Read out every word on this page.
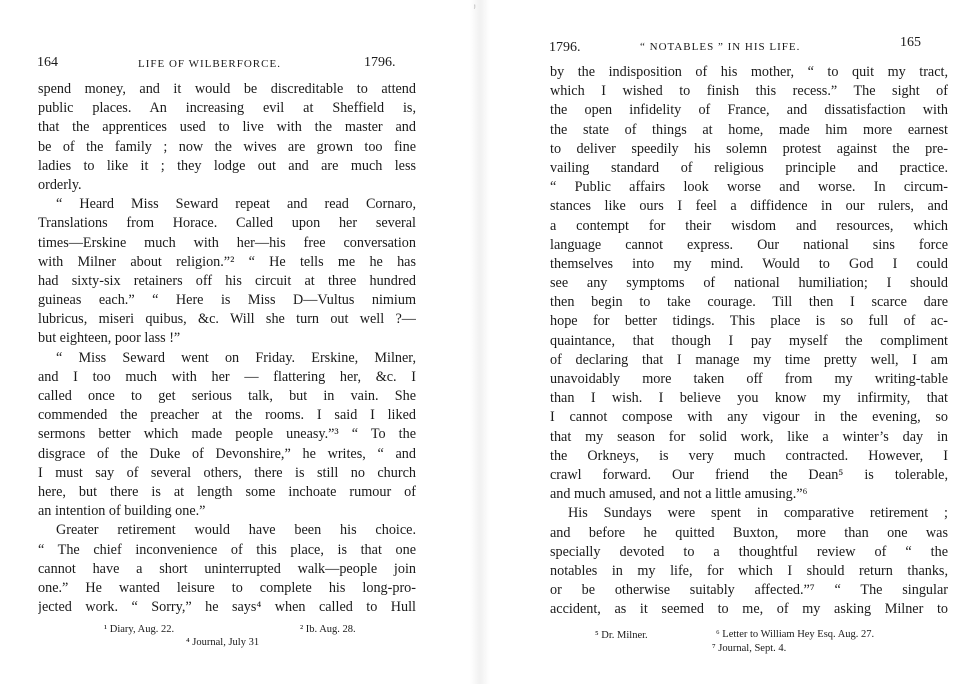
ʲ
164	LIFE OF WILBERFORCE.	1796.
spend money, and it would be discreditable to attend
public places. An increasing evil at Sheffield is,
that the apprentices used to live with the master and
be of the family ; now the wives are grown too fine
ladies to like it ; they lodge out and are much less
orderly.
“ Heard Miss Seward repeat and read Cornaro,
Translations from Horace. Called upon her several
times—Erskine much with her—his free conversation
with Milner about religion.”² “ He tells me he has
had sixty-six retainers off his circuit at three hundred
guineas each.” “ Here is Miss D—Vultus nimium
lubricus, miseri quibus, &c. Will she turn out well ?—
but eighteen, poor lass !”
“ Miss Seward went on Friday. Erskine, Milner,
and I too much with her — flattering her, &c. I
called once to get serious talk, but in vain. She
commended the preacher at the rooms. I said I liked
sermons better which made people uneasy.”³ “ To the
disgrace of the Duke of Devonshire,” he writes, “ and
I must say of several others, there is still no church
here, but there is at length some inchoate rumour of
an intention of building one.”
Greater retirement would have been his choice.
“ The chief inconvenience of this place, is that one
cannot have a short uninterrupted walk—people join
one.” He wanted leisure to complete his long-pro-
jected work. “ Sorry,” he says⁴ when called to Hull
¹ Diary, Aug. 22.	² Ib. Aug. 28.
⁴ Journal, July 31
1796.	“ NOTABLES ” IN HIS LIFE.	165
by the indisposition of his mother, “ to quit my tract,
which I wished to finish this recess.” The sight of
the open infidelity of France, and dissatisfaction with
the state of things at home, made him more earnest
to deliver speedily his solemn protest against the pre-
vailing standard of religious principle and practice.
“ Public affairs look worse and worse. In circum-
stances like ours I feel a diffidence in our rulers, and
a contempt for their wisdom and resources, which
language cannot express. Our national sins force
themselves into my mind. Would to God I could
see any symptoms of national humiliation; I should
then begin to take courage. Till then I scarce dare
hope for better tidings. This place is so full of ac-
quaintance, that though I pay myself the compliment
of declaring that I manage my time pretty well, I am
unavoidably more taken off from my writing-table
than I wish. I believe you know my infirmity, that
I cannot compose with any vigour in the evening, so
that my season for solid work, like a winter’s day in
the Orkneys, is very much contracted. However, I
crawl forward. Our friend the Dean⁵ is tolerable,
and much amused, and not a little amusing.”⁶
His Sundays were spent in comparative retirement ;
and before he quitted Buxton, more than one was
specially devoted to a thoughtful review of “ the
notables in my life, for which I should return thanks,
or be otherwise suitably affected.”⁷ “ The singular
accident, as it seemed to me, of my asking Milner to
⁵ Dr. Milner.	⁶ Letter to William Hey Esq. Aug. 27.
⁷ Journal, Sept. 4.
